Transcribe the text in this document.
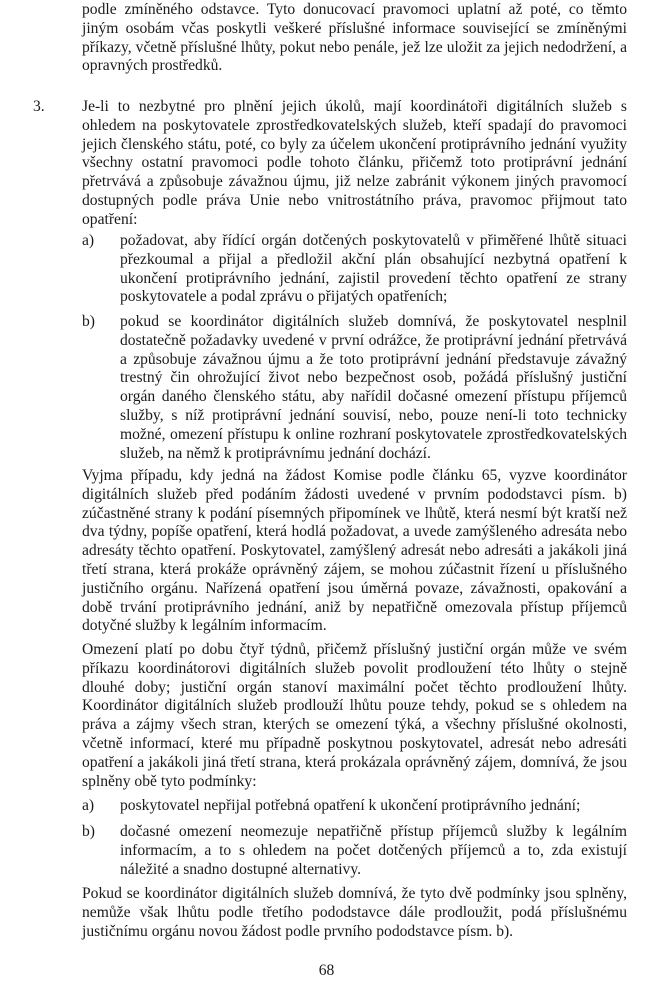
podle zmíněného odstavce. Tyto donucovací pravomoci uplatní až poté, co těmto jiným osobám včas poskytli veškeré příslušné informace související se zmíněnými příkazy, včetně příslušné lhůty, pokut nebo penále, jež lze uložit za jejich nedodržení, a opravných prostředků.

3. Je-li to nezbytné pro plnění jejich úkolů, mají koordinátoři digitálních služeb s ohledem na poskytovatele zprostředkovatelských služeb, kteří spadají do pravomoci jejich členského státu, poté, co byly za účelem ukončení protiprávního jednání využity všechny ostatní pravomoci podle tohoto článku, přičemž toto protiprávní jednání přetrvává a způsobuje závažnou újmu, již nelze zabránit výkonem jiných pravomocí dostupných podle práva Unie nebo vnitrostátního práva, pravomoc přijmout tato opatření:

a) požadovat, aby řídící orgán dotčených poskytovatelů v přiměřené lhůtě situaci přezkoumal a přijal a předložil akční plán obsahující nezbytná opatření k ukončení protiprávního jednání, zajistil provedení těchto opatření ze strany poskytovatele a podal zprávu o přijatých opatřeních;

b) pokud se koordinátor digitálních služeb domnívá, že poskytovatel nesplnil dostatečně požadavky uvedené v první odrážce, že protiprávní jednání přetrvává a způsobuje závažnou újmu a že toto protiprávní jednání představuje závažný trestný čin ohrožující život nebo bezpečnost osob, požádá příslušný justiční orgán daného členského státu, aby nařídil dočasné omezení přístupu příjemců služby, s níž protiprávní jednání souvisí, nebo, pouze není-li toto technicky možné, omezení přístupu k online rozhraní poskytovatele zprostředkovatelských služeb, na němž k protiprávnímu jednání dochází.

Vyjma případu, kdy jedná na žádost Komise podle článku 65, vyzve koordinátor digitálních služeb před podáním žádosti uvedené v prvním pododstavci písm. b) zúčastněné strany k podání písemných připomínek ve lhůtě, která nesmí být kratší než dva týdny, popíše opatření, která hodlá požadovat, a uvede zamýšleného adresáta nebo adresáty těchto opatření. Poskytovatel, zamýšlený adresát nebo adresáti a jakákoli jiná třetí strana, která prokáže oprávněný zájem, se mohou zúčastnit řízení u příslušného justičního orgánu. Nařízená opatření jsou úměrná povaze, závažnosti, opakování a době trvání protiprávního jednání, aniž by nepatřičně omezovala přístup příjemců dotyčné služby k legálním informacím.

Omezení platí po dobu čtyř týdnů, přičemž příslušný justiční orgán může ve svém příkazu koordinátorovi digitálních služeb povolit prodloužení této lhůty o stejně dlouhé doby; justiční orgán stanoví maximální počet těchto prodloužení lhůty. Koordinátor digitálních služeb prodlouží lhůtu pouze tehdy, pokud se s ohledem na práva a zájmy všech stran, kterých se omezení týká, a všechny příslušné okolnosti, včetně informací, které mu případně poskytnou poskytovatel, adresát nebo adresáti opatření a jakákoli jiná třetí strana, která prokázala oprávněný zájem, domnívá, že jsou splněny obě tyto podmínky:

a) poskytovatel nepřijal potřebná opatření k ukončení protiprávního jednání;

b) dočasné omezení neomezuje nepatřičně přístup příjemců služby k legálním informacím, a to s ohledem na počet dotčených příjemců a to, zda existují náležité a snadno dostupné alternativy.

Pokud se koordinátor digitálních služeb domnívá, že tyto dvě podmínky jsou splněny, nemůže však lhůtu podle třetího pododstavce dále prodloužit, podá příslušnému justičnímu orgánu novou žádost podle prvního pododstavce písm. b).

68
